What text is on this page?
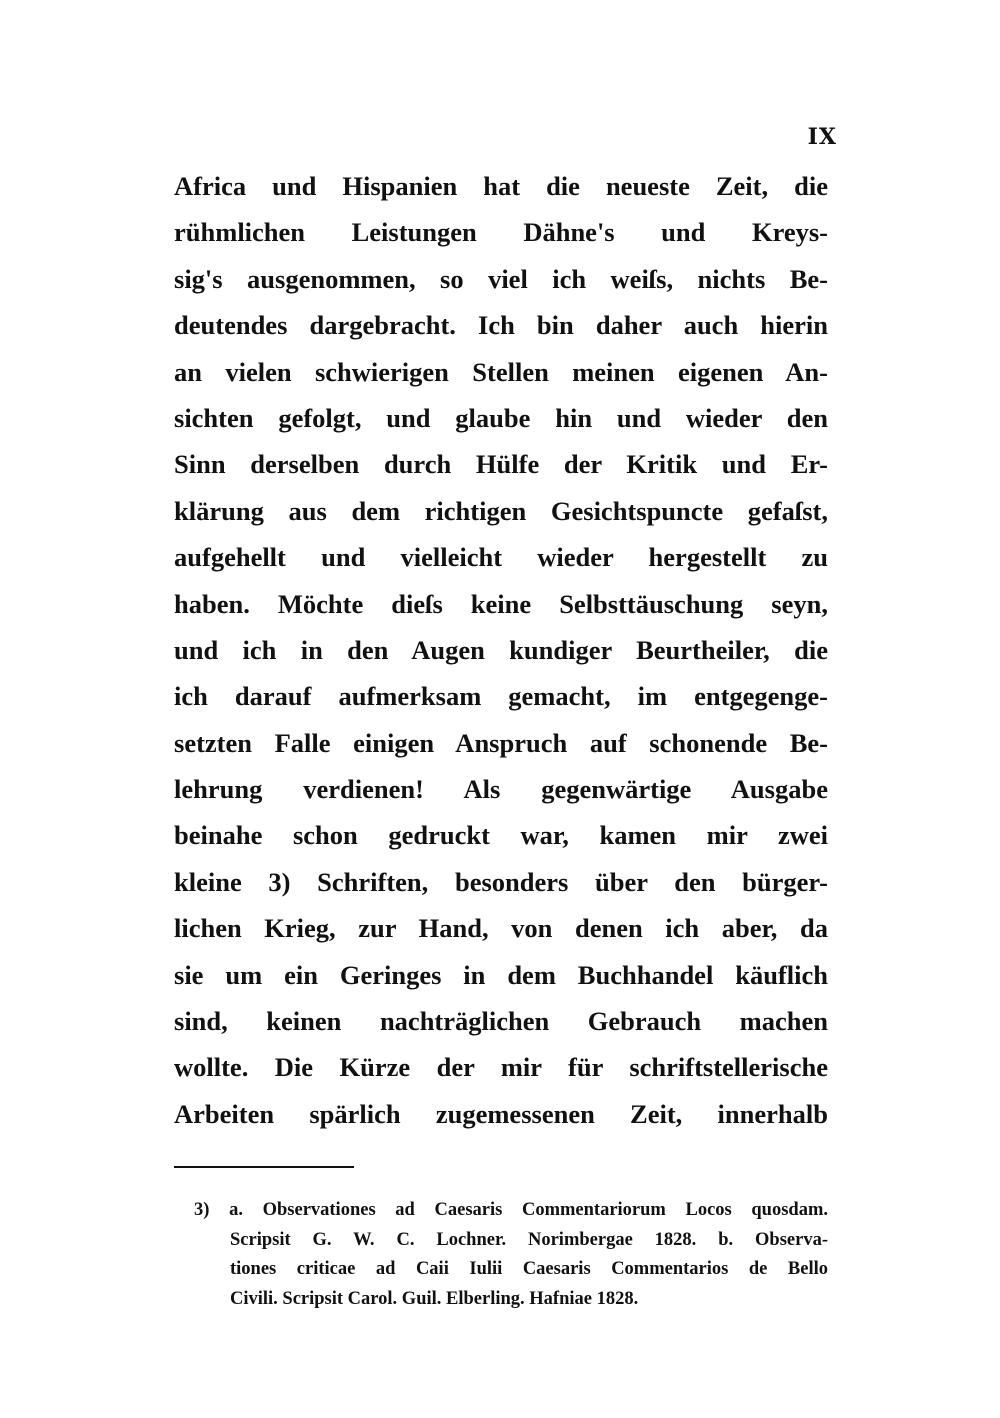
IX
Africa und Hispanien hat die neueste Zeit, die
rühmlichen Leistungen Dähne's und Kreys-
sig's ausgenommen, so viel ich weiſs, nichts Be-
deutendes dargebracht. Ich bin daher auch hierin
an vielen schwierigen Stellen meinen eigenen An-
sichten gefolgt, und glaube hin und wieder den
Sinn derselben durch Hülfe der Kritik und Er-
klärung aus dem richtigen Gesichtspuncte gefaſst,
aufgehellt und vielleicht wieder hergestellt zu
haben. Möchte dieſs keine Selbsttäuschung seyn,
und ich in den Augen kundiger Beurtheiler, die
ich darauf aufmerksam gemacht, im entgegenge-
setzten Falle einigen Anspruch auf schonende Be-
lehrung verdienen! Als gegenwärtige Ausgabe
beinahe schon gedruckt war, kamen mir zwei
kleine 3) Schriften, besonders über den bürger-
lichen Krieg, zur Hand, von denen ich aber, da
sie um ein Geringes in dem Buchhandel käuflich
sind, keinen nachträglichen Gebrauch machen
wollte. Die Kürze der mir für schriftstellerische
Arbeiten spärlich zugemessenen Zeit, innerhalb
3) a. Observationes ad Caesaris Commentariorum Locos quosdam.
Scripsit G. W. C. Lochner. Norimbergae 1828. b. Observa-
tiones criticae ad Caii Iulii Caesaris Commentarios de Bello
Civili. Scripsit Carol. Guil. Elberling. Hafniae 1828.
